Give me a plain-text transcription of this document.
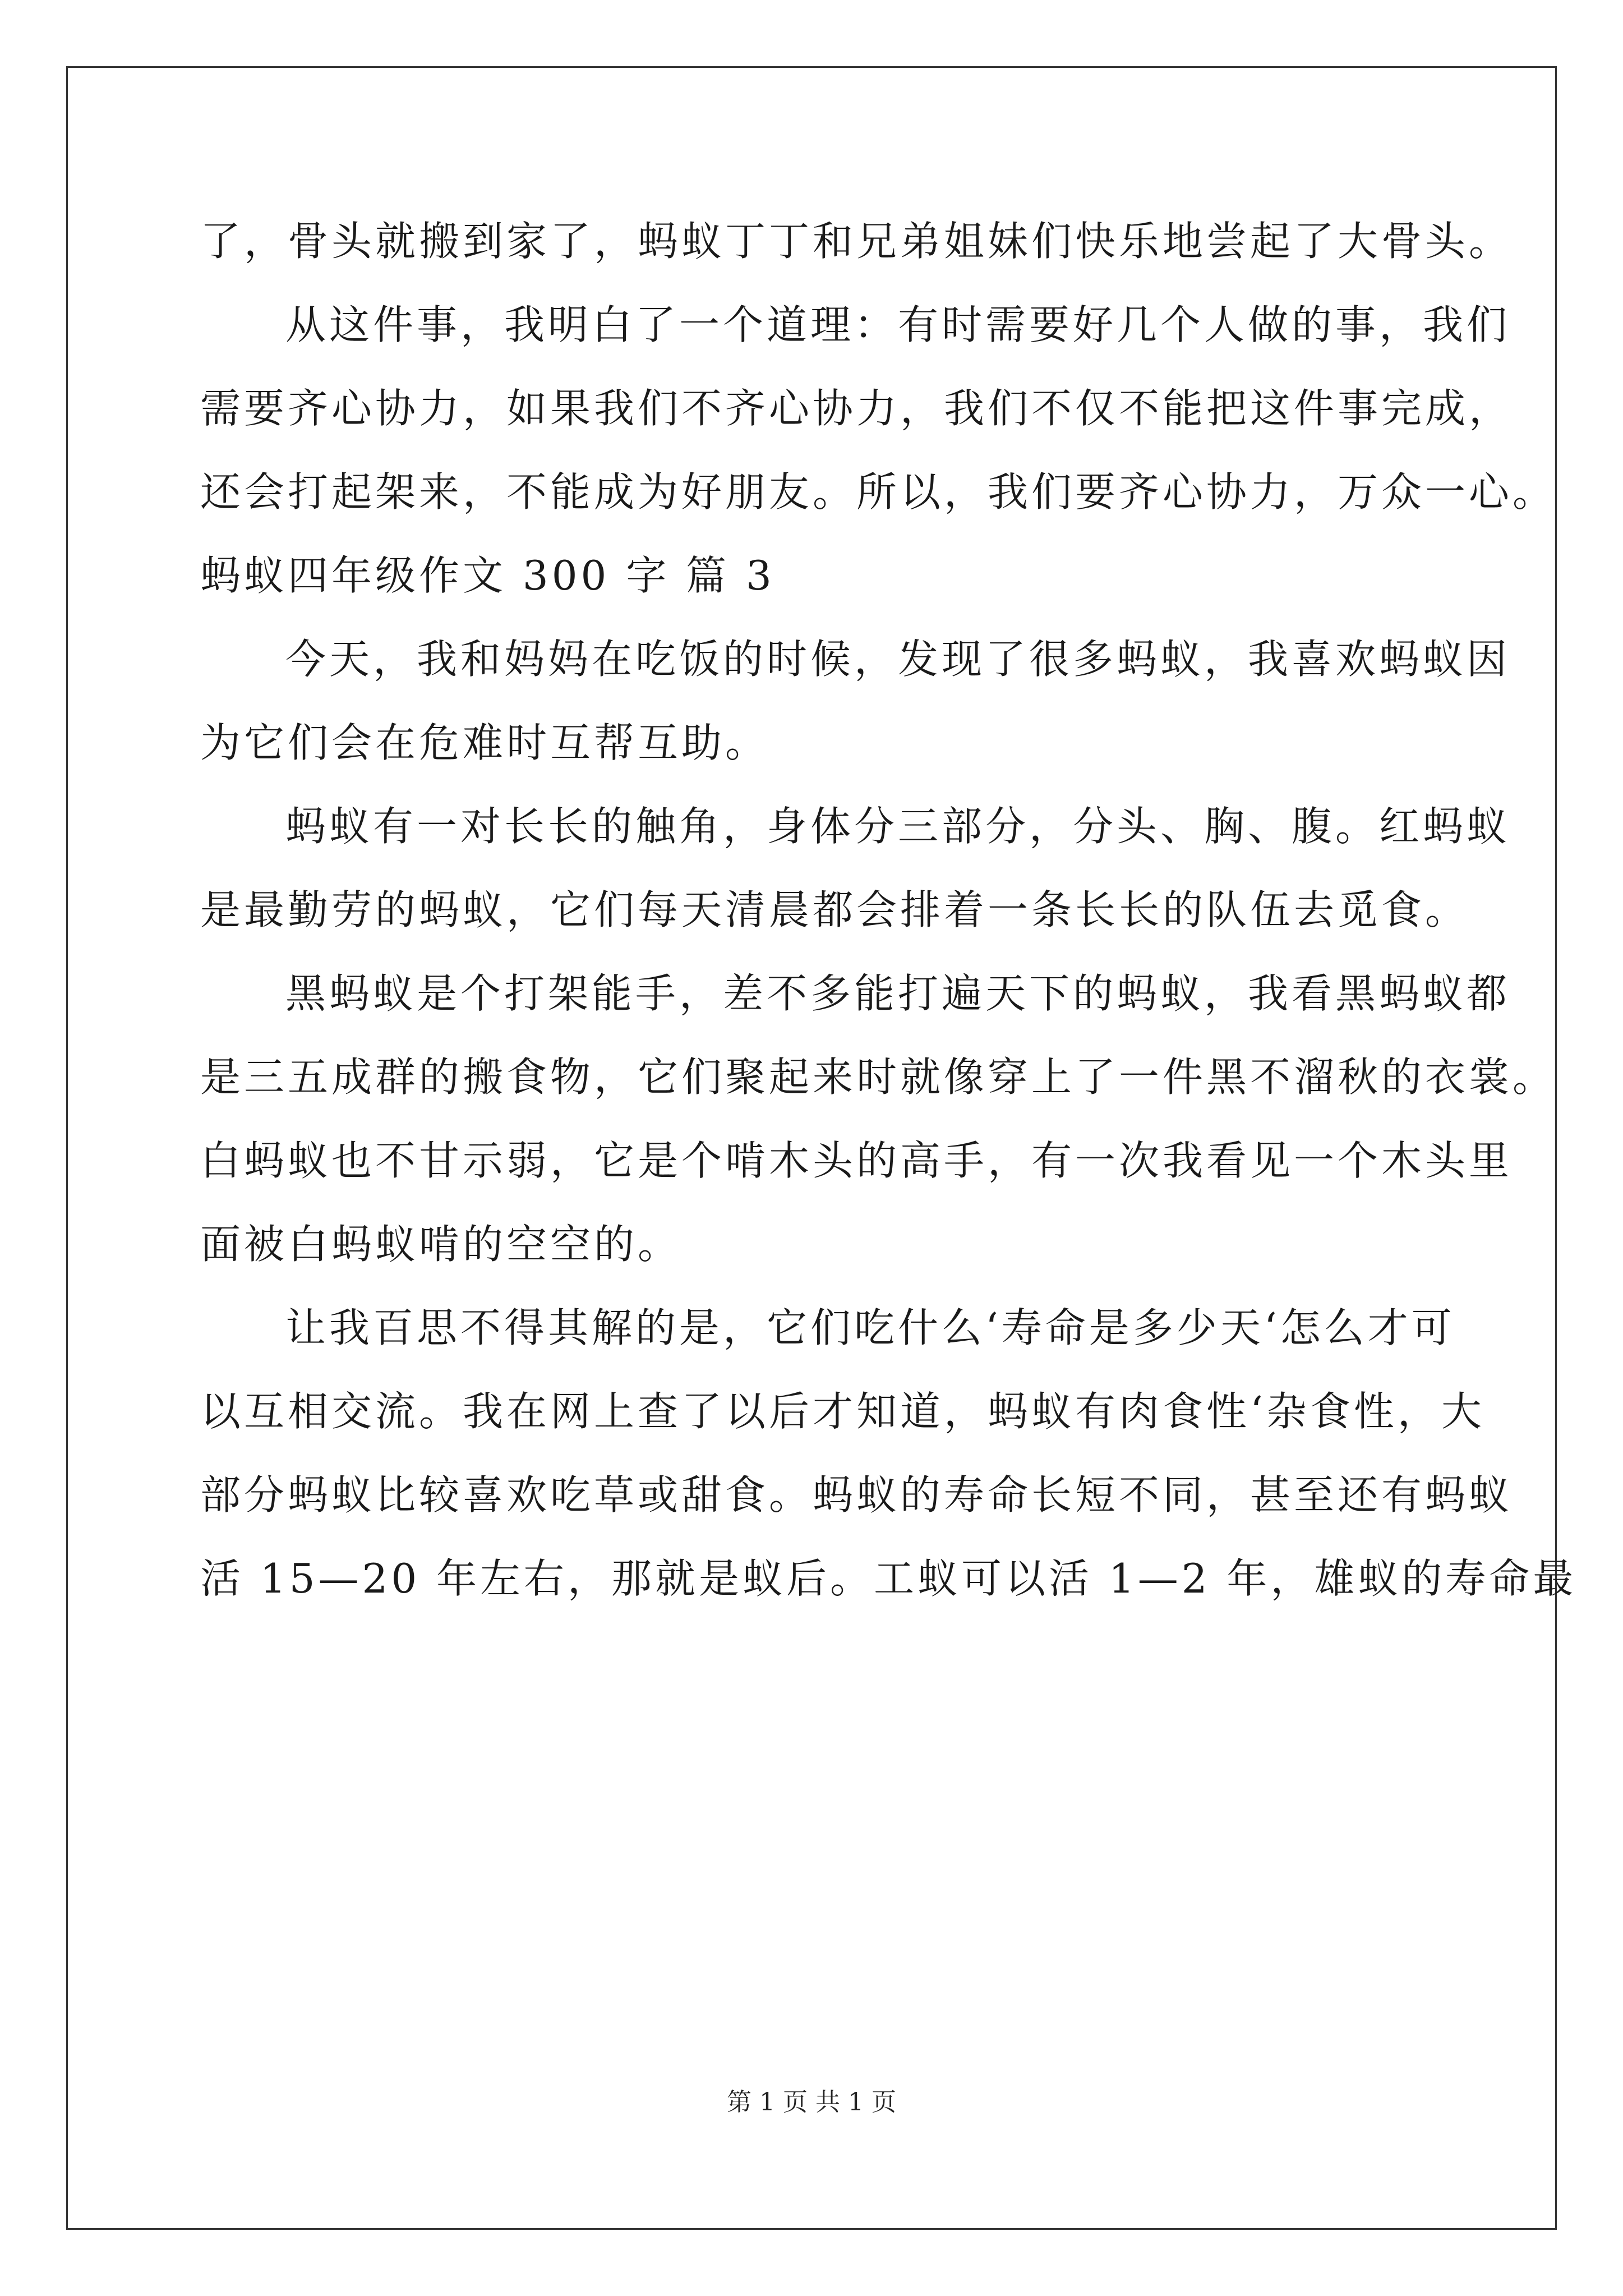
了，骨头就搬到家了，蚂蚁丁丁和兄弟姐妹们快乐地尝起了大骨头。
从这件事，我明白了一个道理：有时需要好几个人做的事，我们
需要齐心协力，如果我们不齐心协力，我们不仅不能把这件事完成，
还会打起架来，不能成为好朋友。所以，我们要齐心协力，万众一心。
蚂蚁四年级作文 300 字 篇 3
今天，我和妈妈在吃饭的时候，发现了很多蚂蚁，我喜欢蚂蚁因
为它们会在危难时互帮互助。
蚂蚁有一对长长的触角，身体分三部分，分头、胸、腹。红蚂蚁
是最勤劳的蚂蚁，它们每天清晨都会排着一条长长的队伍去觅食。
黑蚂蚁是个打架能手，差不多能打遍天下的蚂蚁，我看黑蚂蚁都
是三五成群的搬食物，它们聚起来时就像穿上了一件黑不溜秋的衣裳。
白蚂蚁也不甘示弱，它是个啃木头的高手，有一次我看见一个木头里
面被白蚂蚁啃的空空的。
让我百思不得其解的是，它们吃什么‘寿命是多少天‘怎么才可
以互相交流。我在网上查了以后才知道，蚂蚁有肉食性‘杂食性，大
部分蚂蚁比较喜欢吃草或甜食。蚂蚁的寿命长短不同，甚至还有蚂蚁
活 15—20 年左右，那就是蚁后。工蚁可以活 1—2 年，雄蚁的寿命最
第 1 页 共 1 页
